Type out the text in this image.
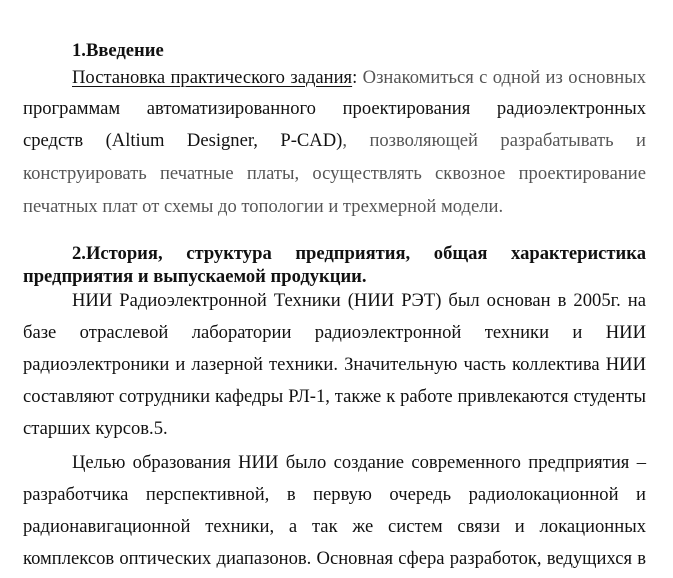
1.Введение
Постановка практического задания: Ознакомиться с одной из основных
программам автоматизированного проектирования радиоэлектронных
средств (Altium Designer, P-CAD), позволяющей разрабатывать и
конструировать печатные платы, осуществлять сквозное проектирование
печатных плат от схемы до топологии и трехмерной модели.
2.История, структура предприятия, общая характеристика
предприятия и выпускаемой продукции.
НИИ Радиоэлектронной Техники (НИИ РЭТ) был основан в 2005г. на
базе отраслевой лаборатории радиоэлектронной техники и НИИ
радиоэлектроники и лазерной техники. Значительную часть коллектива НИИ
составляют сотрудники кафедры РЛ-1, также к работе привлекаются студенты
старших курсов.5.
Целью образования НИИ было создание современного предприятия –
разработчика перспективной, в первую очередь радиолокационной и
радионавигационной техники, а так же систем связи и локационных
комплексов оптических диапазонов. Основная сфера разработок, ведущихся в
